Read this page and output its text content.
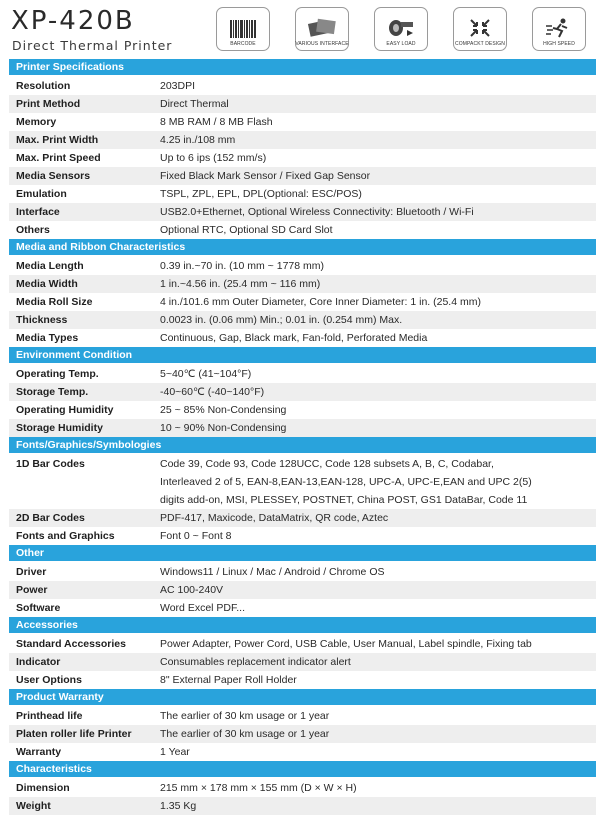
XP-420B
Direct Thermal Printer	BARCODE	VARIOUS INTERFACE	EASY LOAD	COMPACKT DESIGN	HIGH SPEED
Printer Specifications
Resolution	203DPI
Print Method	Direct Thermal
Memory	8 MB RAM / 8 MB Flash
Max. Print Width	4.25 in./108 mm
Max. Print Speed	Up to 6 ips (152 mm/s)
Media Sensors	Fixed Black Mark Sensor / Fixed Gap Sensor
Emulation	TSPL, ZPL, EPL, DPL(Optional: ESC/POS)
Interface	USB2.0+Ethernet, Optional Wireless Connectivity: Bluetooth / Wi-Fi
Others	Optional RTC, Optional SD Card Slot
Media and Ribbon Characteristics
Media Length	0.39 in.~70 in. (10 mm ~ 1778 mm)
Media Width	1 in.~4.56 in. (25.4 mm ~ 116 mm)
Media Roll Size	4 in./101.6 mm Outer Diameter, Core Inner Diameter: 1 in. (25.4 mm)
Thickness	0.0023 in. (0.06 mm) Min.; 0.01 in. (0.254 mm) Max.
Media Types	Continuous, Gap, Black mark, Fan-fold, Perforated Media
Environment Condition
Operating Temp.	5~40℃ (41~104°F)
Storage Temp.	-40~60℃ (-40~140°F)
Operating Humidity	25 ~ 85% Non-Condensing
Storage Humidity	10 ~ 90% Non-Condensing
Fonts/Graphics/Symbologies
1D Bar Codes	Code 39, Code 93, Code 128UCC, Code 128 subsets A, B, C, Codabar,
Interleaved 2 of 5, EAN-8,EAN-13,EAN-128, UPC-A, UPC-E,EAN and UPC 2(5)
digits add-on, MSI, PLESSEY, POSTNET, China POST, GS1 DataBar, Code 11
2D Bar Codes	PDF-417, Maxicode, DataMatrix, QR code, Aztec
Fonts and Graphics	Font 0 ~ Font 8
Other
Driver	Windows11 / Linux / Mac / Android / Chrome OS
Power	AC 100-240V
Software	Word Excel PDF...
Accessories
Standard Accessories	Power Adapter, Power Cord, USB Cable, User Manual, Label spindle, Fixing tab
Indicator	Consumables replacement indicator alert
User Options	8" External Paper Roll Holder
Product Warranty
Printhead life	The earlier of 30 km usage or 1 year
Platen roller life Printer	The earlier of 30 km usage or 1 year
Warranty	1 Year
Characteristics
Dimension	215 mm × 178 mm × 155 mm (D × W × H)
Weight	1.35 Kg
